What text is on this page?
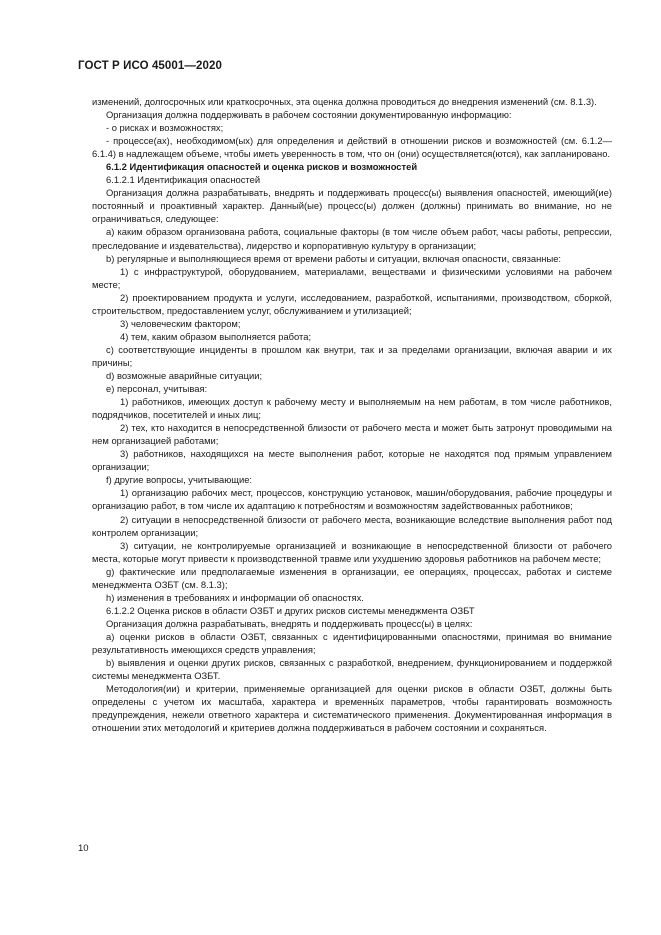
ГОСТ Р ИСО 45001—2020

изменений, долгосрочных или краткосрочных, эта оценка должна проводиться до внедрения изменений (см. 8.1.3).

Организация должна поддерживать в рабочем состоянии документированную информацию:

- о рисках и возможностях;

- процессе(ах), необходимом(ых) для определения и действий в отношении рисков и возможностей (см. 6.1.2—6.1.4) в надлежащем объеме, чтобы иметь уверенность в том, что он (они) осуществляется(ются), как запланировано.

6.1.2 Идентификация опасностей и оценка рисков и возможностей

6.1.2.1 Идентификация опасностей

Организация должна разрабатывать, внедрять и поддерживать процесс(ы) выявления опасностей, имеющий(ие) постоянный и проактивный характер. Данный(ые) процесс(ы) должен (должны) принимать во внимание, но не ограничиваться, следующее:

a) каким образом организована работа, социальные факторы (в том числе объем работ, часы работы, репрессии, преследование и издевательства), лидерство и корпоративную культуру в организации;

b) регулярные и выполняющиеся время от времени работы и ситуации, включая опасности, связанные:

1) с инфраструктурой, оборудованием, материалами, веществами и физическими условиями на рабочем месте;

2) проектированием продукта и услуги, исследованием, разработкой, испытаниями, производством, сборкой, строительством, предоставлением услуг, обслуживанием и утилизацией;

3) человеческим фактором;

4) тем, каким образом выполняется работа;

c) соответствующие инциденты в прошлом как внутри, так и за пределами организации, включая аварии и их причины;

d) возможные аварийные ситуации;

e) персонал, учитывая:

1) работников, имеющих доступ к рабочему месту и выполняемым на нем работам, в том числе работников, подрядчиков, посетителей и иных лиц;

2) тех, кто находится в непосредственной близости от рабочего места и может быть затронут проводимыми на нем организацией работами;

3) работников, находящихся на месте выполнения работ, которые не находятся под прямым управлением организации;

f) другие вопросы, учитывающие:

1) организацию рабочих мест, процессов, конструкцию установок, машин/оборудования, рабочие процедуры и организацию работ, в том числе их адаптацию к потребностям и возможностям задействованных работников;

2) ситуации в непосредственной близости от рабочего места, возникающие вследствие выполнения работ под контролем организации;

3) ситуации, не контролируемые организацией и возникающие в непосредственной близости от рабочего места, которые могут привести к производственной травме или ухудшению здоровья работников на рабочем месте;

g) фактические или предполагаемые изменения в организации, ее операциях, процессах, работах и системе менеджмента ОЗБТ (см. 8.1.3);

h) изменения в требованиях и информации об опасностях.

6.1.2.2 Оценка рисков в области ОЗБТ и других рисков системы менеджмента ОЗБТ

Организация должна разрабатывать, внедрять и поддерживать процесс(ы) в целях:

a) оценки рисков в области ОЗБТ, связанных с идентифицированными опасностями, принимая во внимание результативность имеющихся средств управления;

b) выявления и оценки других рисков, связанных с разработкой, внедрением, функционированием и поддержкой системы менеджмента ОЗБТ.

Методология(ии) и критерии, применяемые организацией для оценки рисков в области ОЗБТ, должны быть определены с учетом их масштаба, характера и временны́х параметров, чтобы гарантировать возможность предупреждения, нежели ответного характера и систематического применения. Документированная информация в отношении этих методологий и критериев должна поддерживаться в рабочем состоянии и сохраняться.

10
